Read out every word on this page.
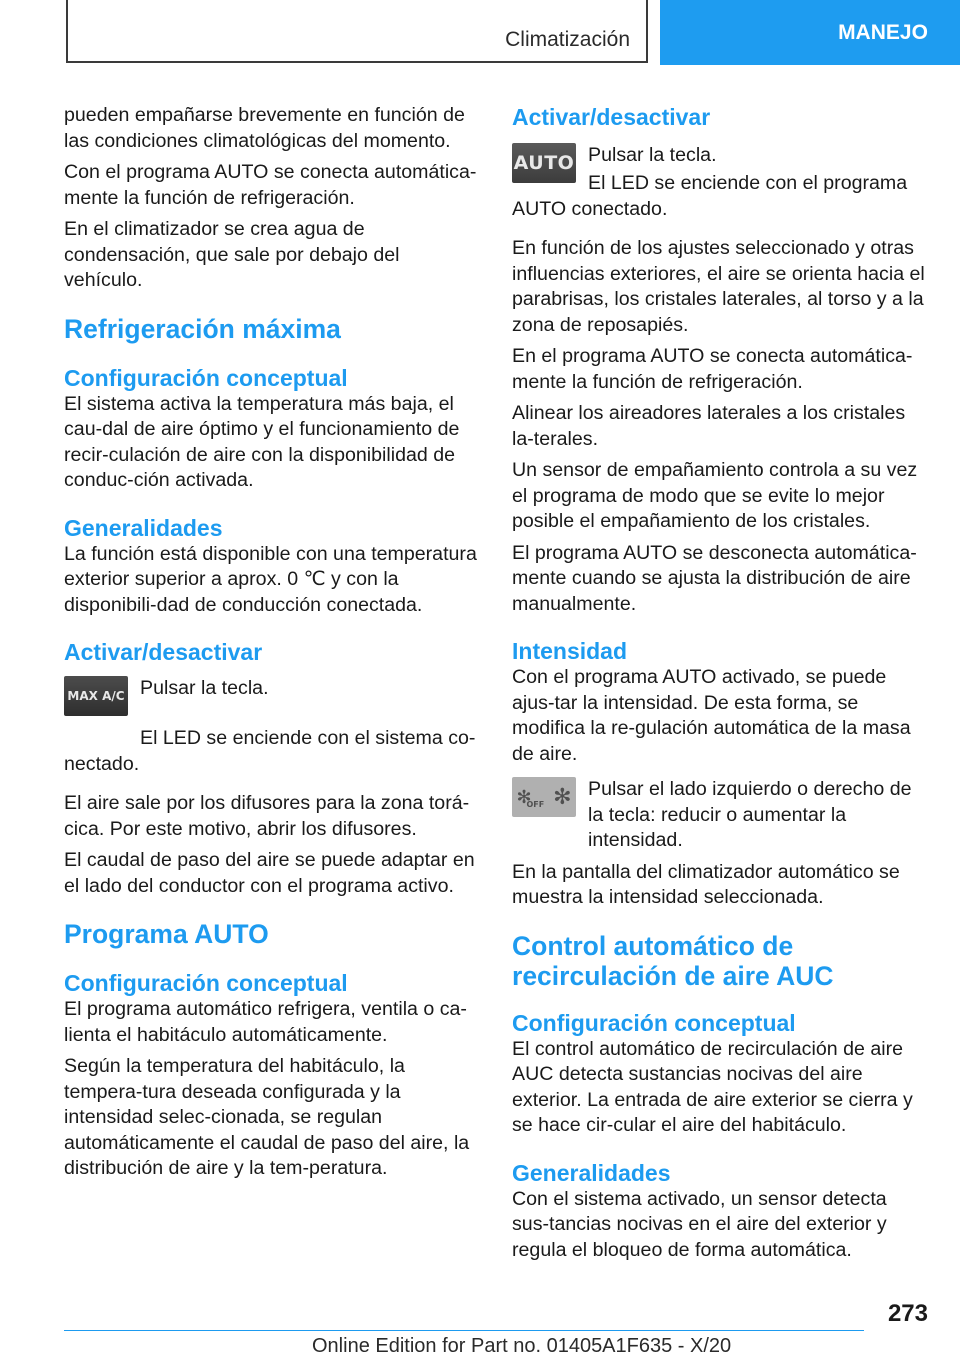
Climatización	MANEJO

pueden empañarse brevemente en función de las condiciones climatológicas del momento.

Con el programa AUTO se conecta automática-mente la función de refrigeración.

En el climatizador se crea agua de condensación, que sale por debajo del vehículo.

Refrigeración máxima
Configuración conceptual

El sistema activa la temperatura más baja, el cau-dal de aire óptimo y el funcionamiento de recir-culación de aire con la disponibilidad de conduc-ción activada.

Generalidades

La función está disponible con una temperatura exterior superior a aprox. 0 ℃ y con la disponibili-dad de conducción conectada.

Activar/desactivar
MAX A/C Pulsar la tecla.

El LED se enciende con el sistema co-nectado.

El aire sale por los difusores para la zona torá-cica. Por este motivo, abrir los difusores.

El caudal de paso del aire se puede adaptar en el lado del conductor con el programa activo.

Programa AUTO
Configuración conceptual

El programa automático refrigera, ventila o ca-lienta el habitáculo automáticamente.

Según la temperatura del habitáculo, la tempera-tura deseada configurada y la intensidad selec-cionada, se regulan automáticamente el caudal de paso del aire, la distribución de aire y la tem-peratura.

Activar/desactivar
AUTO Pulsar la tecla.

El LED se enciende con el programa AUTO conectado.

En función de los ajustes seleccionado y otras influencias exteriores, el aire se orienta hacia el parabrisas, los cristales laterales, al torso y a la zona de reposapiés.

En el programa AUTO se conecta automática-mente la función de refrigeración.

Alinear los aireadores laterales a los cristales la-terales.

Un sensor de empañamiento controla a su vez el programa de modo que se evite lo mejor posible el empañamiento de los cristales.

El programa AUTO se desconecta automática-mente cuando se ajusta la distribución de aire manualmente.

Intensidad

Con el programa AUTO activado, se puede ajus-tar la intensidad. De esta forma, se modifica la re-gulación automática de la masa de aire.

✻
OFF ✻ Pulsar el lado izquierdo o derecho de la tecla: reducir o aumentar la intensidad.

En la pantalla del climatizador automático se muestra la intensidad seleccionada.

Control automático de recirculación de aire AUC
Configuración conceptual

El control automático de recirculación de aire AUC detecta sustancias nocivas del aire exterior. La entrada de aire exterior se cierra y se hace cir-cular el aire del habitáculo.

Generalidades

Con el sistema activado, un sensor detecta sus-tancias nocivas en el aire del exterior y regula el bloqueo de forma automática.

273
Online Edition for Part no. 01405A1F635 - X/20
